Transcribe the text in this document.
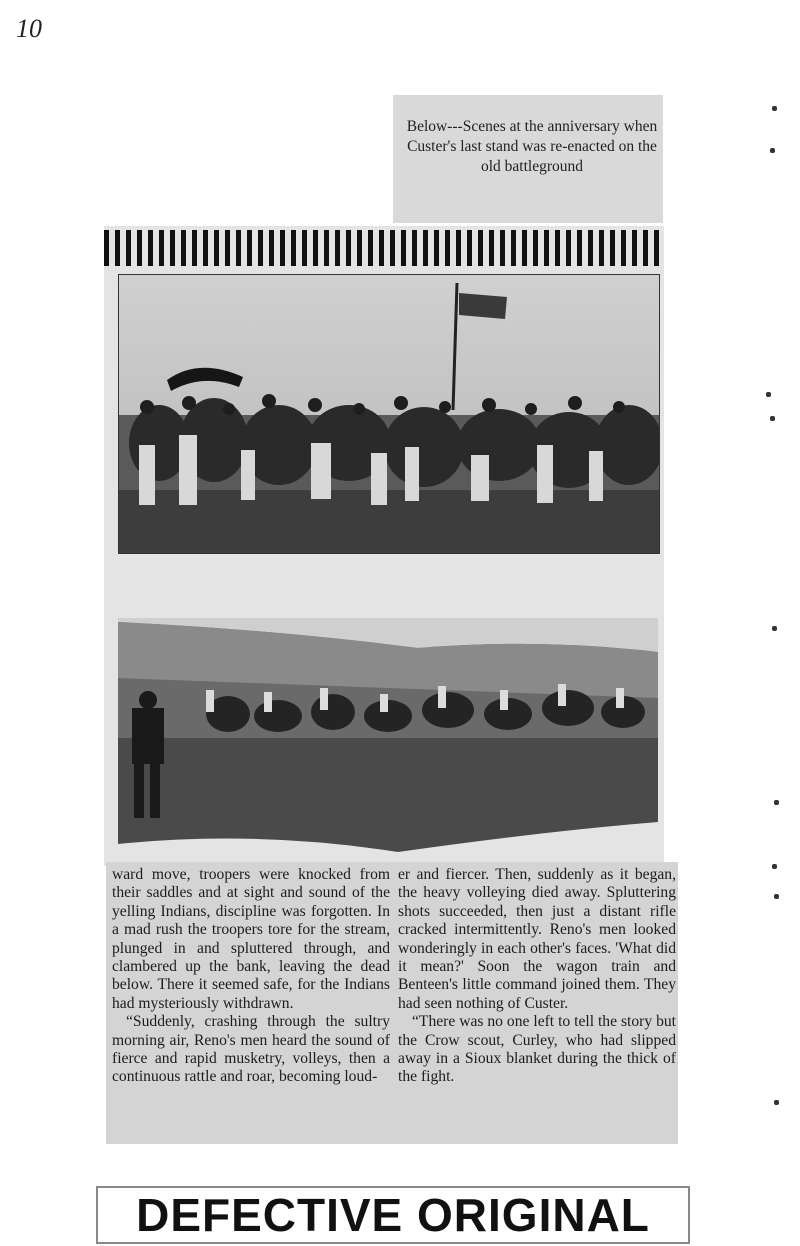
10
Below---Scenes at the anniversary when Custer's last stand was re-enacted on the old battleground

ward move, troopers were knocked from their saddles and at sight and sound of the yelling Indians, discipline was forgotten. In a mad rush the troopers tore for the stream, plunged in and spluttered through, and clambered up the bank, leaving the dead below. There it seemed safe, for the Indians had mysteriously withdrawn.

“Suddenly, crashing through the sultry morning air, Reno's men heard the sound of fierce and rapid musketry, volleys, then a continuous rattle and roar, becoming loud-

er and fiercer. Then, suddenly as it began, the heavy volleying died away. Spluttering shots succeeded, then just a distant rifle cracked intermittently. Reno's men looked wonderingly in each other's faces. 'What did it mean?' Soon the wagon train and Benteen's little command joined them. They had seen nothing of Custer.

“There was no one left to tell the story but the Crow scout, Curley, who had slipped away in a Sioux blanket during the thick of the fight.

DEFECTIVE ORIGINAL
